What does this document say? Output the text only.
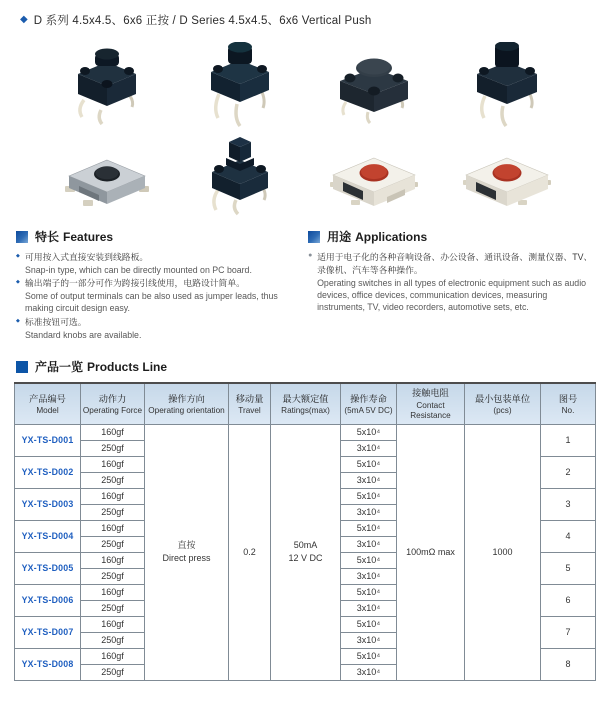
◆ D 系列 4.5x4.5、6x6 正按 / D Series 4.5x4.5、6x6 Vertical Push
特长 Features
◆ 可用按入式直接安装到线路板。
Snap-in type, which can be directly mounted on PC board.
◆ 输出端子的一部分可作为跨接引线使用，电路设计简单。
Some of output terminals can be also used as jumper leads, thus making circuit design easy.
◆ 标准按钮可选。
Standard knobs are available.
用途 Applications
● 适用于电子化的各种音响设备、办公设备、通讯设备、测量仪器、TV、录像机、汽车等各种操作。
Operating switches in all types of electronic equipment such as audio devices, office devices, communication devices, measuring instruments, TV, video recorders, automotive sets, etc.
产品一览 Products Line
产品编号
Model	动作力
Operating Force	操作方向
Operating orientation	移动量
Travel	最大额定值
Ratings(max)	操作寿命
(5mA 5V DC)	接触电阻
Contact Resistance	最小包装单位
(pcs)	图号
No.

YX-TS-D001	160gf	直按
Direct press	0.2	50mA
12 V DC	5x10⁴	100mΩ max	1000	1
	250gf				3x10⁴			
YX-TS-D002	160gf				5x10⁴			2
	250gf				3x10⁴			
YX-TS-D003	160gf				5x10⁴			3
	250gf				3x10⁴			
YX-TS-D004	160gf				5x10⁴			4
	250gf				3x10⁴			
YX-TS-D005	160gf				5x10⁴			5
	250gf				3x10⁴			
YX-TS-D006	160gf				5x10⁴			6
	250gf				3x10⁴			
YX-TS-D007	160gf				5x10⁴			7
	250gf				3x10⁴			
YX-TS-D008	160gf				5x10⁴			8
	250gf				3x10⁴			
